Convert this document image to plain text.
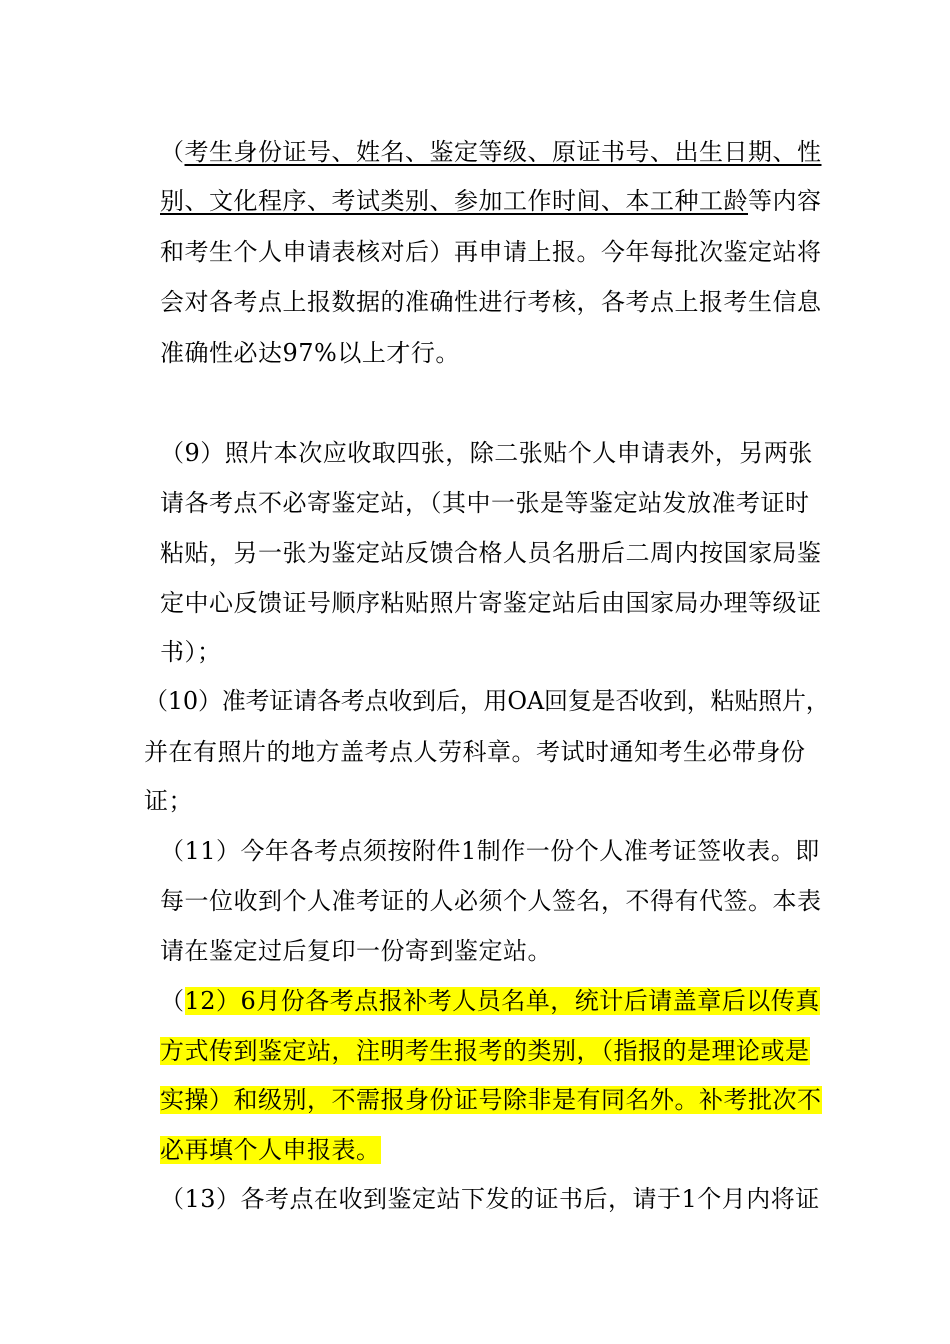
（考生身份证号、姓名、鉴定等级、原证书号、出生日期、性
别、文化程序、考试类别、参加工作时间、本工种工龄等内容
和考生个人申请表核对后）再申请上报。今年每批次鉴定站将
会对各考点上报数据的准确性进行考核，各考点上报考生信息
准确性必达97%以上才行。
（9）照片本次应收取四张，除二张贴个人申请表外，另两张
请各考点不必寄鉴定站，（其中一张是等鉴定站发放准考证时
粘贴，另一张为鉴定站反馈合格人员名册后二周内按国家局鉴
定中心反馈证号顺序粘贴照片寄鉴定站后由国家局办理等级证
书）；
（10）准考证请各考点收到后，用OA回复是否收到，粘贴照片，
并在有照片的地方盖考点人劳科章。考试时通知考生必带身份
证；
（11）今年各考点须按附件1制作一份个人准考证签收表。即
每一位收到个人准考证的人必须个人签名，不得有代签。本表
请在鉴定过后复印一份寄到鉴定站。
（12）6月份各考点报补考人员名单，统计后请盖章后以传真
方式传到鉴定站，注明考生报考的类别，（指报的是理论或是
实操）和级别，不需报身份证号除非是有同名外。补考批次不
必再填个人申报表。
（13）各考点在收到鉴定站下发的证书后，请于1个月内将证
